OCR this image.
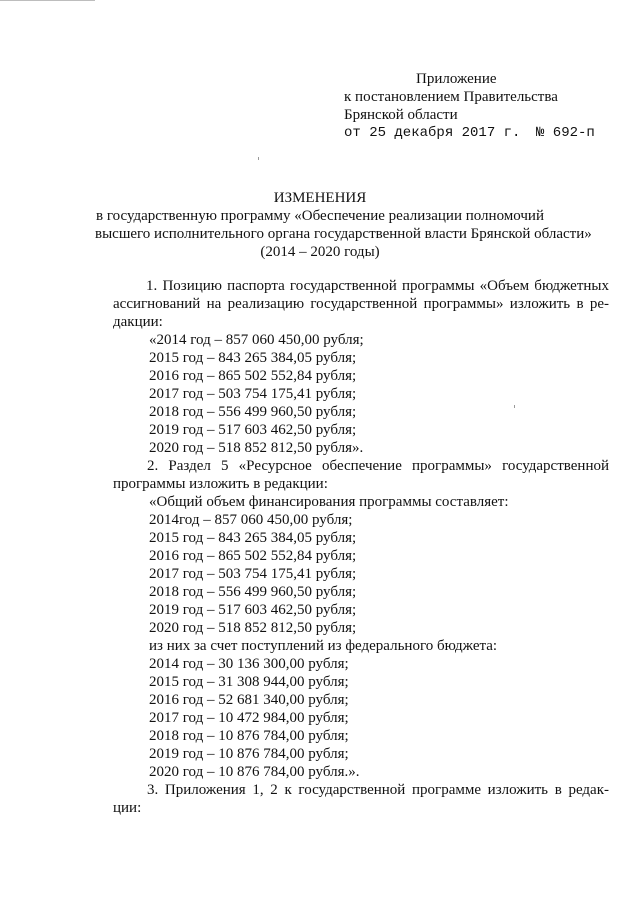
Приложение
к постановлением Правительства
Брянской области
от 25 декабря 2017 г. № 692-п
ИЗМЕНЕНИЯ
в государственную программу «Обеспечение реализации полномочий
высшего исполнительного органа государственной власти Брянской области»
(2014 – 2020 годы)
1. Позицию паспорта государственной программы «Объем бюджетных
ассигнований на реализацию государственной программы» изложить в ре-
дакции:
«2014 год – 857 060 450,00 рубля;
2015 год – 843 265 384,05 рубля;
2016 год – 865 502 552,84 рубля;
2017 год – 503 754 175,41 рубля;
2018 год – 556 499 960,50 рубля;
2019 год – 517 603 462,50 рубля;
2020 год – 518 852 812,50 рубля».
2. Раздел 5 «Ресурсное обеспечение программы» государственной
программы изложить в редакции:
«Общий объем финансирования программы составляет:
2014год – 857 060 450,00 рубля;
2015 год – 843 265 384,05 рубля;
2016 год – 865 502 552,84 рубля;
2017 год – 503 754 175,41 рубля;
2018 год – 556 499 960,50 рубля;
2019 год – 517 603 462,50 рубля;
2020 год – 518 852 812,50 рубля;
из них за счет поступлений из федерального бюджета:
2014 год – 30 136 300,00 рубля;
2015 год – 31 308 944,00 рубля;
2016 год – 52 681 340,00 рубля;
2017 год – 10 472 984,00 рубля;
2018 год – 10 876 784,00 рубля;
2019 год – 10 876 784,00 рубля;
2020 год – 10 876 784,00 рубля.».
3. Приложения 1, 2 к государственной программе изложить в редак-
ции:
